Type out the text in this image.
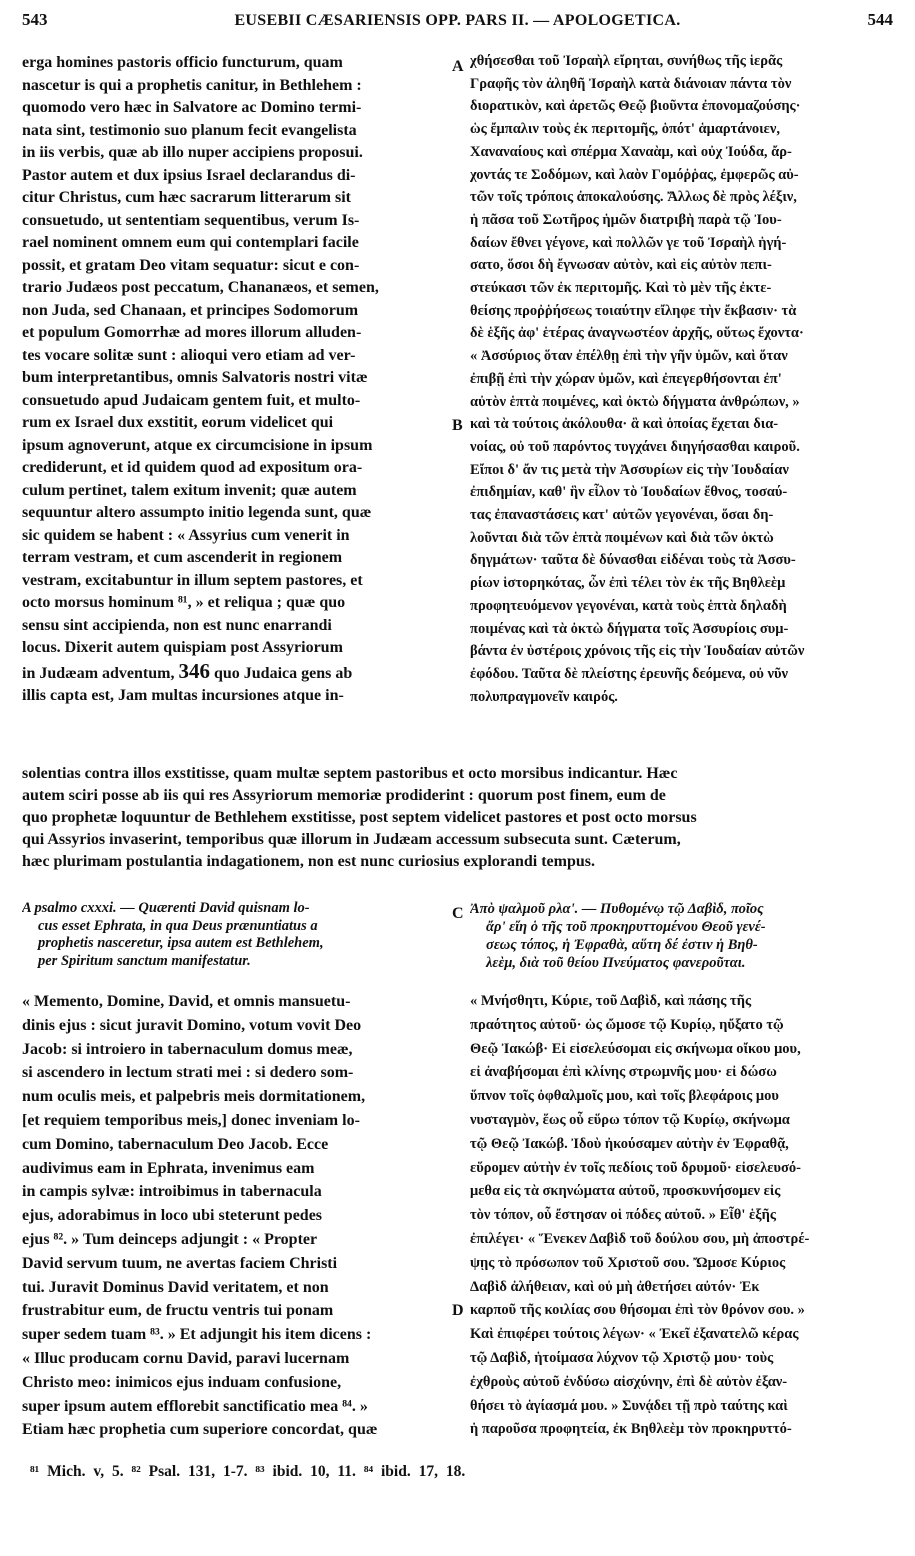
543	EUSEBII CÆSARIENSIS OPP. PARS II. — APOLOGETICA.	544
A
B
C
D
erga homines pastoris officio functurum, quam
nascetur is qui a prophetis canitur, in Bethlehem :
quomodo vero hæc in Salvatore ac Domino termi-
nata sint, testimonio suo planum fecit evangelista
in iis verbis, quæ ab illo nuper accipiens proposui.
Pastor autem et dux ipsius Israel declarandus di-
citur Christus, cum hæc sacrarum litterarum sit
consuetudo, ut sententiam sequentibus, verum Is-
rael nominent omnem eum qui contemplari facile
possit, et gratam Deo vitam sequatur: sicut e con-
trario Judæos post peccatum, Chananæos, et semen,
non Juda, sed Chanaan, et principes Sodomorum
et populum Gomorrhæ ad mores illorum alluden-
tes vocare solitæ sunt : alioqui vero etiam ad ver-
bum interpretantibus, omnis Salvatoris nostri vitæ
consuetudo apud Judaicam gentem fuit, et multo-
rum ex Israel dux exstitit, eorum videlicet qui
ipsum agnoverunt, atque ex circumcisione in ipsum
crediderunt, et id quidem quod ad expositum ora-
culum pertinet, talem exitum invenit; quæ autem
sequuntur altero assumpto initio legenda sunt, quæ
sic quidem se habent : « Assyrius cum venerit in
terram vestram, et cum ascenderit in regionem
vestram, excitabuntur in illum septem pastores, et
octo morsus hominum ⁸¹, » et reliqua ; quæ quo
sensu sint accipienda, non est nunc enarrandi
locus. Dixerit autem quispiam post Assyriorum
in Judæam adventum, 346 quo Judaica gens ab
illis capta est, Jam multas incursiones atque in-
χθήσεσθαι τοῦ Ἰσραὴλ εἴρηται, συνήθως τῆς ἱερᾶς
Γραφῆς τὸν ἀληθῆ Ἰσραὴλ κατὰ διάνοιαν πάντα τὸν
διορατικὸν, καὶ ἀρετῶς Θεῷ βιοῦντα ἐπονομαζούσης·
ὡς ἔμπαλιν τοὺς ἐκ περιτομῆς, ὁπότ' ἁμαρτάνοιεν,
Χαναναίους καὶ σπέρμα Χαναὰμ, καὶ οὐχ Ἰούδα, ἄρ-
χοντάς τε Σοδόμων, καὶ λαὸν Γομόῤῥας, ἐμφερῶς αὐ-
τῶν τοῖς τρόποις ἀποκαλούσης. Ἄλλως δὲ πρὸς λέξιν,
ἡ πᾶσα τοῦ Σωτῆρος ἡμῶν διατριβὴ παρὰ τῷ Ἰου-
δαίων ἔθνει γέγονε, καὶ πολλῶν γε τοῦ Ἰσραὴλ ἡγή-
σατο, ὅσοι δὴ ἔγνωσαν αὐτὸν, καὶ εἰς αὐτὸν πεπι-
στεύκασι τῶν ἐκ περιτομῆς. Καὶ τὸ μὲν τῆς ἐκτε-
θείσης προῤῥήσεως τοιαύτην εἴληφε τὴν ἔκβασιν· τὰ
δὲ ἑξῆς ἀφ' ἑτέρας ἀναγνωστέον ἀρχῆς, οὕτως ἔχοντα·
« Ἀσσύριος ὅταν ἐπέλθῃ ἐπὶ τὴν γῆν ὑμῶν, καὶ ὅταν
ἐπιβῇ ἐπὶ τὴν χώραν ὑμῶν, καὶ ἐπεγερθήσονται ἐπ'
αὐτὸν ἑπτὰ ποιμένες, καὶ ὀκτὼ δήγματα ἀνθρώπων, »
καὶ τὰ τούτοις ἀκόλουθα· ἃ καὶ ὁποίας ἔχεται δια-
νοίας, οὐ τοῦ παρόντος τυγχάνει διηγήσασθαι καιροῦ.
Εἴποι δ' ἄν τις μετὰ τὴν Ἀσσυρίων εἰς τὴν Ἰουδαίαν
ἐπιδημίαν, καθ' ἣν εἷλον τὸ Ἰουδαίων ἔθνος, τοσαύ-
τας ἐπαναστάσεις κατ' αὐτῶν γεγονέναι, ὅσαι δη-
λοῦνται διὰ τῶν ἑπτὰ ποιμένων καὶ διὰ τῶν ὀκτὼ
δηγμάτων· ταῦτα δὲ δύνασθαι εἰδέναι τοὺς τὰ Ἀσσυ-
ρίων ἱστορηκότας, ὧν ἐπὶ τέλει τὸν ἐκ τῆς Βηθλεὲμ
προφητευόμενον γεγονέναι, κατὰ τοὺς ἑπτὰ δηλαδὴ
ποιμένας καὶ τὰ ὀκτὼ δήγματα τοῖς Ἀσσυρίοις συμ-
βάντα ἐν ὑστέροις χρόνοις τῆς εἰς τὴν Ἰουδαίαν αὐτῶν
ἐφόδου. Ταῦτα δὲ πλείστης ἐρευνῆς δεόμενα, οὐ νῦν
πολυπραγμονεῖν καιρός.
solentias contra illos exstitisse, quam multæ septem pastoribus et octo morsibus indicantur. Hæc
autem sciri posse ab iis qui res Assyriorum memoriæ prodiderint : quorum post finem, eum de
quo prophetæ loquuntur de Bethlehem exstitisse, post septem videlicet pastores et post octo morsus
qui Assyrios invaserint, temporibus quæ illorum in Judæam accessum subsecuta sunt. Cæterum,
hæc plurimam postulantia indagationem, non est nunc curiosius explorandi tempus.
A psalmo cxxxi. — Quærenti David quisnam lo-
cus esset Ephrata, in qua Deus prænuntiatus a
prophetis nasceretur, ipsa autem est Bethlehem,
per Spiritum sanctum manifestatur.
Ἀπὸ ψαλμοῦ ρλα'. — Πυθομένῳ τῷ Δαβὶδ, ποῖος
ἄρ' εἴη ὁ τῆς τοῦ προκηρυττομένου Θεοῦ γενέ-
σεως τόπος, ἡ Ἐφραθὰ, αὕτη δέ ἐστιν ἡ Βηθ-
λεὲμ, διὰ τοῦ θείου Πνεύματος φανεροῦται.
« Memento, Domine, David, et omnis mansuetu-
dinis ejus : sicut juravit Domino, votum vovit Deo
Jacob: si introiero in tabernaculum domus meæ,
si ascendero in lectum strati mei : si dedero som-
num oculis meis, et palpebris meis dormitationem,
[et requiem temporibus meis,] donec inveniam lo-
cum Domino, tabernaculum Deo Jacob. Ecce
audivimus eam in Ephrata, invenimus eam
in campis sylvæ: introibimus in tabernacula
ejus, adorabimus in loco ubi steterunt pedes
ejus ⁸². » Tum deinceps adjungit : « Propter
David servum tuum, ne avertas faciem Christi
tui. Juravit Dominus David veritatem, et non
frustrabitur eum, de fructu ventris tui ponam
super sedem tuam ⁸³. » Et adjungit his item dicens :
« Illuc producam cornu David, paravi lucernam
Christo meo: inimicos ejus induam confusione,
super ipsum autem efflorebit sanctificatio mea ⁸⁴. »
Etiam hæc prophetia cum superiore concordat, quæ
« Μνήσθητι, Κύριε, τοῦ Δαβὶδ, καὶ πάσης τῆς
πραότητος αὐτοῦ· ὡς ὤμοσε τῷ Κυρίῳ, ηὔξατο τῷ
Θεῷ Ἰακώβ· Εἰ εἰσελεύσομαι εἰς σκήνωμα οἴκου μου,
εἰ ἀναβήσομαι ἐπὶ κλίνης στρωμνῆς μου· εἰ δώσω
ὕπνον τοῖς ὀφθαλμοῖς μου, καὶ τοῖς βλεφάροις μου
νυσταγμὸν, ἕως οὗ εὕρω τόπον τῷ Κυρίῳ, σκήνωμα
τῷ Θεῷ Ἰακώβ. Ἰδοὺ ἠκούσαμεν αὐτὴν ἐν Ἐφραθᾷ,
εὕρομεν αὐτὴν ἐν τοῖς πεδίοις τοῦ δρυμοῦ· εἰσελευσό-
μεθα εἰς τὰ σκηνώματα αὐτοῦ, προσκυνήσομεν εἰς
τὸν τόπον, οὗ ἔστησαν οἱ πόδες αὐτοῦ. » Εἶθ' ἑξῆς
ἐπιλέγει· « Ἕνεκεν Δαβὶδ τοῦ δούλου σου, μὴ ἀποστρέ-
ψῃς τὸ πρόσωπον τοῦ Χριστοῦ σου. Ὤμοσε Κύριος
Δαβὶδ ἀλήθειαν, καὶ οὐ μὴ ἀθετήσει αὐτόν· Ἐκ
καρποῦ τῆς κοιλίας σου θήσομαι ἐπὶ τὸν θρόνον σου. »
Καὶ ἐπιφέρει τούτοις λέγων· « Ἐκεῖ ἐξανατελῶ κέρας
τῷ Δαβὶδ, ἡτοίμασα λύχνον τῷ Χριστῷ μου· τοὺς
ἐχθροὺς αὐτοῦ ἐνδύσω αἰσχύνην, ἐπὶ δὲ αὐτὸν ἐξαν-
θήσει τὸ ἁγίασμά μου. » Συνᾴδει τῇ πρὸ ταύτης καὶ
ἡ παροῦσα προφητεία, ἐκ Βηθλεὲμ τὸν προκηρυττό-
⁸¹ Mich. v, 5. ⁸² Psal. 131, 1-7. ⁸³ ibid. 10, 11. ⁸⁴ ibid. 17, 18.
